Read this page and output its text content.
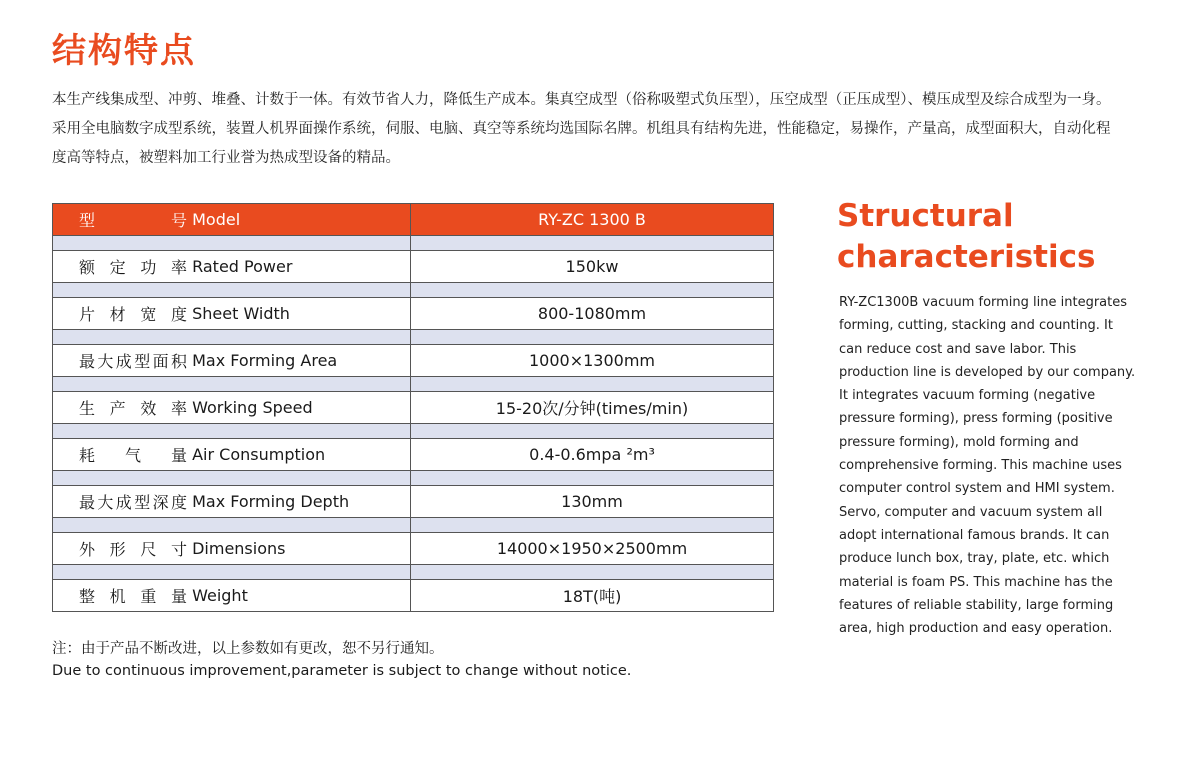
结构特点

本生产线集成型、冲剪、堆叠、计数于一体。有效节省人力，降低生产成本。集真空成型（俗称吸塑式负压型），压空成型（正压成型）、模压成型及综合成型为一身。采用全电脑数字成型系统，装置人机界面操作系统，伺服、电脑、真空等系统均选国际名牌。机组具有结构先进，性能稳定，易操作，产量高，成型面积大，自动化程度高等特点，被塑料加工行业誉为热成型设备的精品。

型号 Model	RY-ZC 1300 B

额定功率 Rated Power	150kw

片材宽度 Sheet Width	800-1080mm

最大成型面积 Max Forming Area	1000×1300mm

生产效率 Working Speed	15-20次/分钟(times/min)

耗气量 Air Consumption	0.4-0.6mpa ²m³

最大成型深度 Max Forming Depth	130mm

外形尺寸 Dimensions	14000×1950×2500mm

整机重量 Weight	18T(吨)
注：由于产品不断改进，以上参数如有更改，恕不另行通知。
Due to continuous improvement,parameter is subject to change without notice.
Structural characteristics

RY-ZC1300B vacuum forming line integrates forming, cutting, stacking and counting. It can reduce cost and save labor. This production line is developed by our company. It integrates vacuum forming (negative pressure forming), press forming (positive pressure forming), mold forming and comprehensive forming. This machine uses computer control system and HMI system. Servo, computer and vacuum system all adopt international famous brands. It can produce lunch box, tray, plate, etc. which material is foam PS. This machine has the features of reliable stability, large forming area, high production and easy operation.
